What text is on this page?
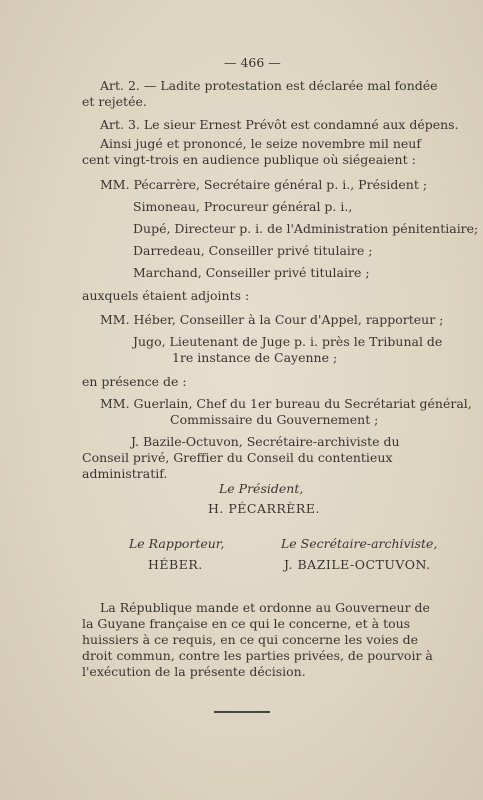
— 466 —
Art. 2. — Ladite protestation est déclarée mal fondée et rejetée.
Art. 3. Le sieur Ernest Prévôt est condamné aux dépens.
Ainsi jugé et prononcé, le seize novembre mil neuf cent vingt-trois en audience publique où siégeaient :
MM. Pécarrère, Secrétaire général p. i., Président ;
Simoneau, Procureur général p. i.,
Dupé, Directeur p. i. de l'Administration pénitentiaire;
Darredeau, Conseiller privé titulaire ;
Marchand, Conseiller privé titulaire ;
auxquels étaient adjoints :
MM. Héber, Conseiller à la Cour d'Appel, rapporteur ;
Jugo, Lieutenant de Juge p. i. près le Tribunal de
1re instance de Cayenne ;
en présence de :
MM. Guerlain, Chef du 1er bureau du Secrétariat général,
Commissaire du Gouvernement ;
J. Bazile-Octuvon, Secrétaire-archiviste du Conseil privé, Greffier du Conseil du contentieux administratif.
Le Président,
H. PÉCARRÈRE.
Le Rapporteur,
HÉBER.
Le Secrétaire-archiviste,
J. BAZILE-OCTUVON.
La République mande et ordonne au Gouverneur de la Guyane française en ce qui le concerne, et à tous huissiers à ce requis, en ce qui concerne les voies de droit commun, contre les parties privées, de pourvoir à l'exécution de la présente décision.
